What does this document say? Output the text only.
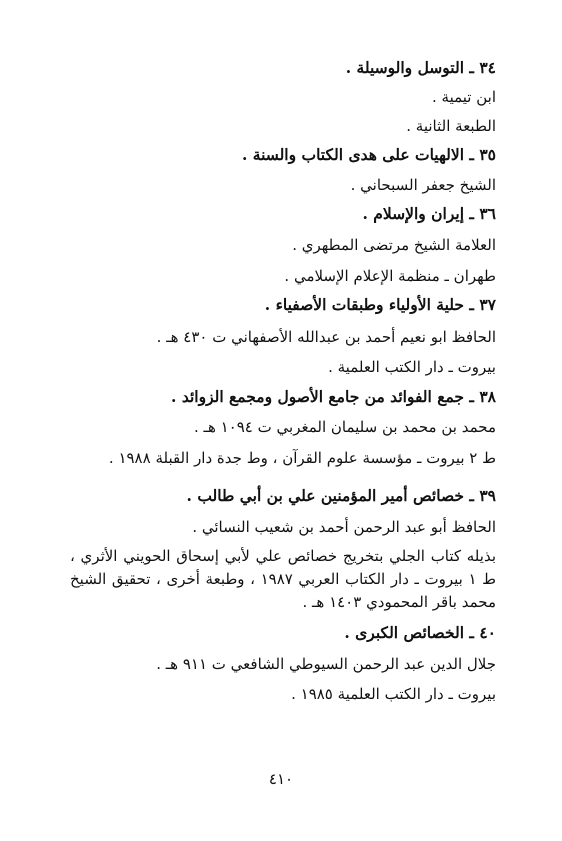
٣٤ ـ التوسل والوسيلة .
ابن تيمية .
الطبعة الثانية .
٣٥ ـ الالهيات على هدى الكتاب والسنة .
الشيخ جعفر السبحاني .
٣٦ ـ إيران والإسلام .
العلامة الشيخ مرتضى المطهري .
طهران ـ منظمة الإعلام الإسلامي .
٣٧ ـ حلية الأولياء وطبقات الأصفياء .
الحافظ ابو نعيم أحمد بن عبدالله الأصفهاني ت ٤٣٠ هـ .
بيروت ـ دار الكتب العلمية .
٣٨ ـ جمع الفوائد من جامع الأصول ومجمع الزوائد .
محمد بن محمد بن سليمان المغربي ت ١٠٩٤ هـ .
ط ٢ بيروت ـ مؤسسة علوم القرآن ، وط جدة دار القبلة ١٩٨٨ .
٣٩ ـ خصائص أمير المؤمنين علي بن أبي طالب .
الحافظ أبو عبد الرحمن أحمد بن شعيب النسائي .
بذيله كتاب الجلي بتخريج خصائص علي لأبي إسحاق الحويني الأثري ، ط ١ بيروت ـ دار الكتاب العربي ١٩٨٧ ، وطبعة أخرى ، تحقيق الشيخ محمد باقر المحمودي ١٤٠٣ هـ .
٤٠ ـ الخصائص الكبرى .
جلال الدين عبد الرحمن السيوطي الشافعي ت ٩١١ هـ .
بيروت ـ دار الكتب العلمية ١٩٨٥ .
٤١٠
